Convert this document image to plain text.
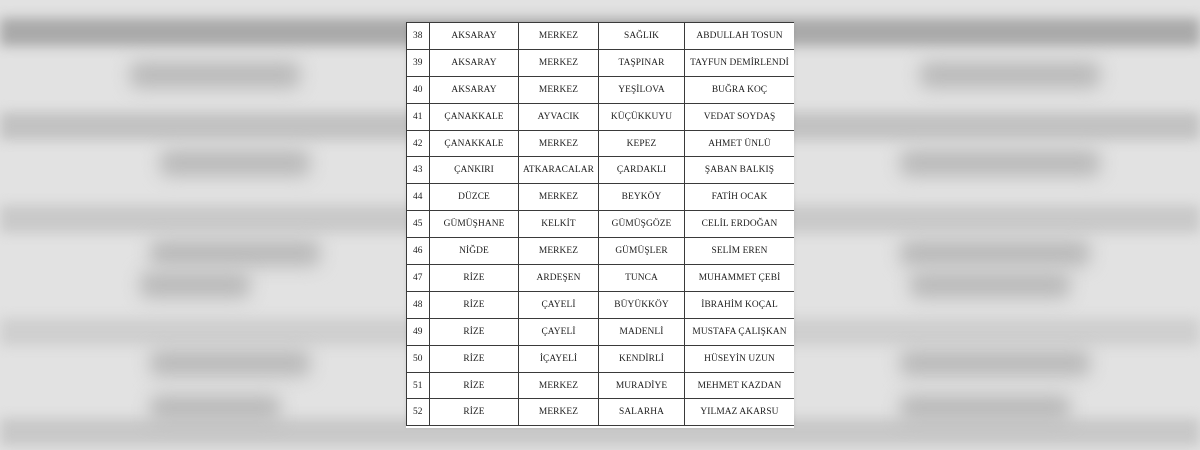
38	AKSARAY	MERKEZ	SAĞLIK	ABDULLAH TOSUN
39	AKSARAY	MERKEZ	TAŞPINAR	TAYFUN DEMİRLENDİ
40	AKSARAY	MERKEZ	YEŞİLOVA	BUĞRA KOÇ
41	ÇANAKKALE	AYVACIK	KÜÇÜKKUYU	VEDAT SOYDAŞ
42	ÇANAKKALE	MERKEZ	KEPEZ	AHMET ÜNLÜ
43	ÇANKIRI	ATKARACALAR	ÇARDAKLI	ŞABAN BALKIŞ
44	DÜZCE	MERKEZ	BEYKÖY	FATİH OCAK
45	GÜMÜŞHANE	KELKİT	GÜMÜŞGÖZE	CELİL ERDOĞAN
46	NİĞDE	MERKEZ	GÜMÜŞLER	SELİM EREN
47	RİZE	ARDEŞEN	TUNCA	MUHAMMET ÇEBİ
48	RİZE	ÇAYELİ	BÜYÜKKÖY	İBRAHİM KOÇAL
49	RİZE	ÇAYELİ	MADENLİ	MUSTAFA ÇALIŞKAN
50	RİZE	İÇAYELİ	KENDİRLİ	HÜSEYİN UZUN
51	RİZE	MERKEZ	MURADİYE	MEHMET KAZDAN
52	RİZE	MERKEZ	SALARHA	YILMAZ AKARSU
